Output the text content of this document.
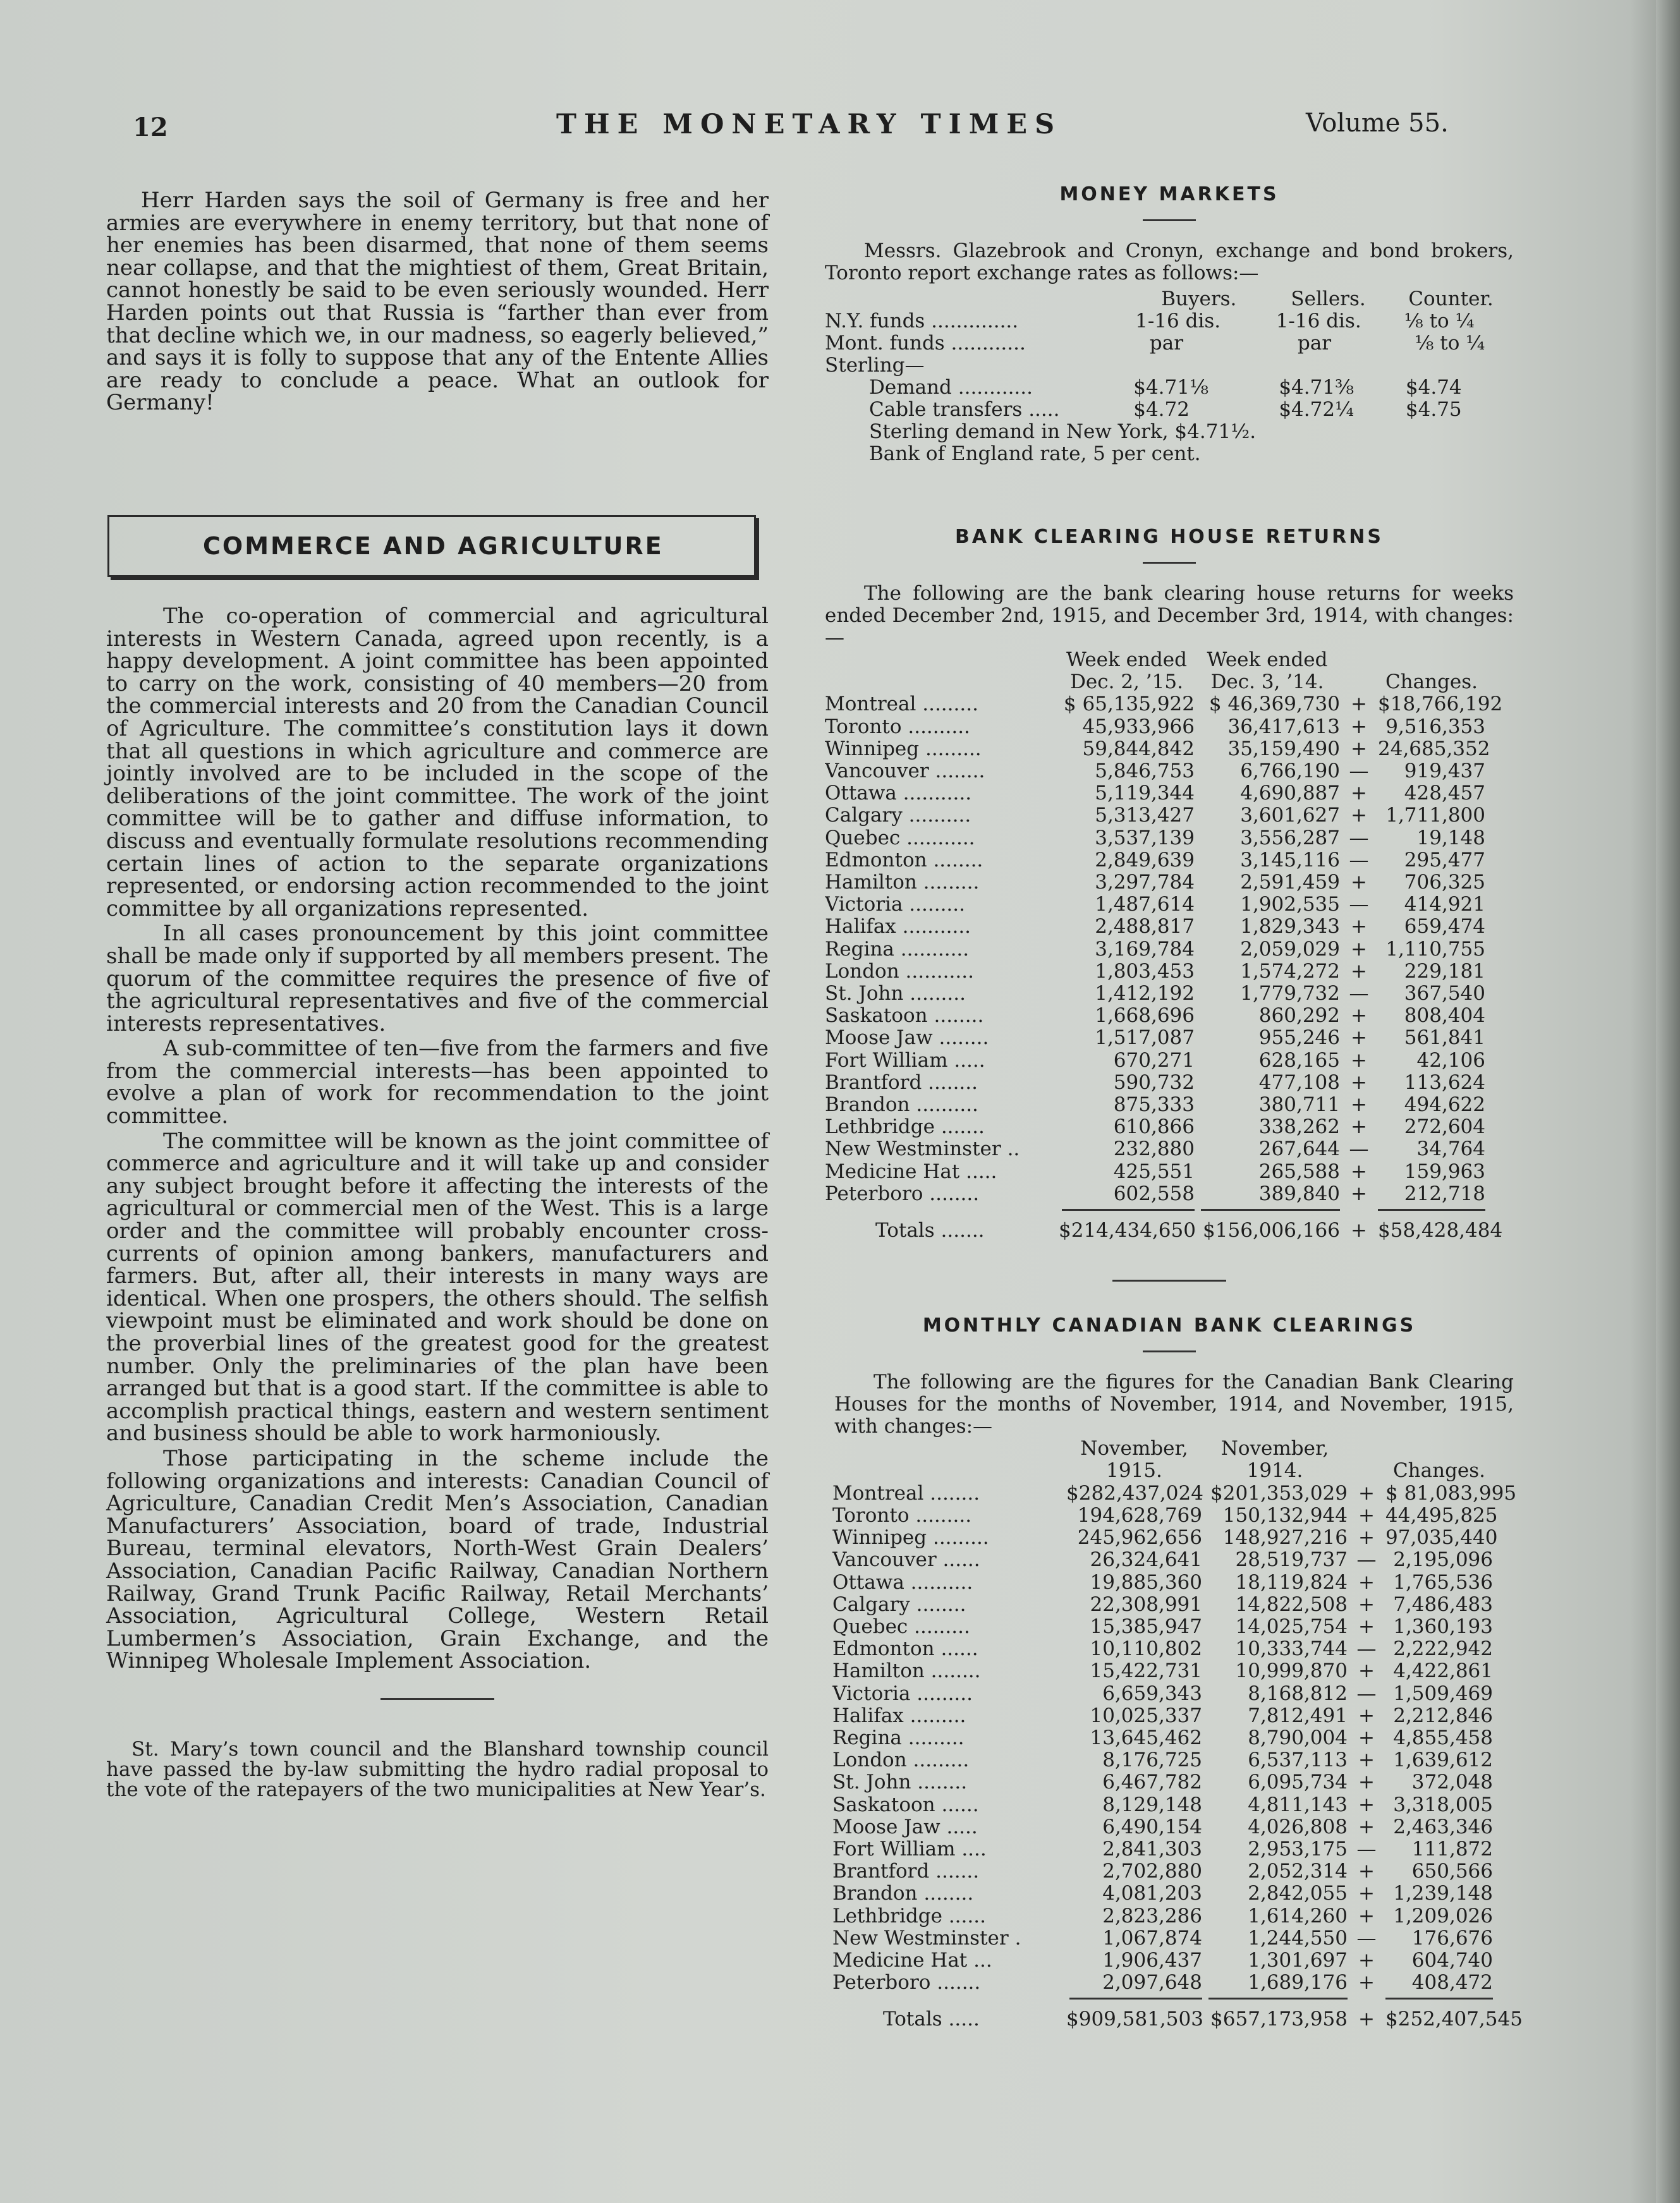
12	THE MONETARY TIMES	Volume 55.

Herr Harden says the soil of Germany is free and her armies are everywhere in enemy territory, but that none of her enemies has been disarmed, that none of them seems near collapse, and that the mightiest of them, Great Britain, cannot honestly be said to be even seriously wounded. Herr Harden points out that Russia is “farther than ever from that decline which we, in our madness, so eagerly believed,” and says it is folly to suppose that any of the Entente Allies are ready to conclude a peace. What an outlook for Germany!

COMMERCE AND AGRICULTURE

The co-operation of commercial and agricultural interests in Western Canada, agreed upon recently, is a happy development. A joint committee has been appointed to carry on the work, consisting of 40 members—20 from the commercial interests and 20 from the Canadian Council of Agriculture. The committee’s constitution lays it down that all questions in which agriculture and commerce are jointly involved are to be included in the scope of the deliberations of the joint committee. The work of the joint committee will be to gather and diffuse information, to discuss and eventually formulate resolutions recommending certain lines of action to the separate organizations represented, or endorsing action recommended to the joint committee by all organizations represented.

In all cases pronouncement by this joint committee shall be made only if supported by all members present. The quorum of the committee requires the presence of five of the agricultural representatives and five of the commercial interests representatives.

A sub-committee of ten—five from the farmers and five from the commercial interests—has been appointed to evolve a plan of work for recommendation to the joint committee.

The committee will be known as the joint committee of commerce and agriculture and it will take up and consider any subject brought before it affecting the interests of the agricultural or commercial men of the West. This is a large order and the committee will probably encounter cross-currents of opinion among bankers, manufacturers and farmers. But, after all, their interests in many ways are identical. When one prospers, the others should. The selfish viewpoint must be eliminated and work should be done on the proverbial lines of the greatest good for the greatest number. Only the preliminaries of the plan have been arranged but that is a good start. If the committee is able to accomplish practical things, eastern and western sentiment and business should be able to work harmoniously.

Those participating in the scheme include the following organizations and interests: Canadian Council of Agriculture, Canadian Credit Men’s Association, Canadian Manufacturers’ Association, board of trade, Industrial Bureau, terminal elevators, North-West Grain Dealers’ Association, Canadian Pacific Railway, Canadian Northern Railway, Grand Trunk Pacific Railway, Retail Merchants’ Association, Agricultural College, Western Retail Lumbermen’s Association, Grain Exchange, and the Winnipeg Wholesale Implement Association.

St. Mary’s town council and the Blanshard township council have passed the by-law submitting the hydro radial proposal to the vote of the ratepayers of the two municipalities at New Year’s.

MONEY MARKETS

Messrs. Glazebrook and Cronyn, exchange and bond brokers, Toronto report exchange rates as follows:—

Buyers.	Sellers.	Counter.
N.Y. funds ..............	1-16 dis.	1-16 dis.	⅛ to ¼
Mont. funds ............	par	par	⅛ to ¼
Sterling—
Demand ............	$4.71⅛	$4.71⅜	$4.74
Cable transfers .....	$4.72	$4.72¼	$4.75
Sterling demand in New York, $4.71½.
Bank of England rate, 5 per cent.

BANK CLEARING HOUSE RETURNS

The following are the bank clearing house returns for weeks ended December 2nd, 1915, and December 3rd, 1914, with changes:—

Week ended	Week ended
Dec. 2, ’15.	Dec. 3, ’14.	Changes.
Montreal .........	$ 65,135,922 $ 46,369,730 + $18,766,192
Toronto ..........	45,933,966	36,417,613 + 9,516,353
Winnipeg .........	59,844,842	35,159,490 + 24,685,352
Vancouver ........	5,846,753	6,766,190 —	919,437
Ottawa ...........	5,119,344	4,690,887 +	428,457
Calgary ..........	5,313,427	3,601,627 + 1,711,800
Quebec ...........	3,537,139	3,556,287 —	19,148
Edmonton ........	2,849,639	3,145,116 —	295,477
Hamilton .........	3,297,784	2,591,459 +	706,325
Victoria .........	1,487,614	1,902,535 —	414,921
Halifax ...........	2,488,817	1,829,343 +	659,474
Regina ...........	3,169,784	2,059,029 + 1,110,755
London ...........	1,803,453	1,574,272 +	229,181
St. John .........	1,412,192	1,779,732 —	367,540
Saskatoon ........	1,668,696	860,292 +	808,404
Moose Jaw ........	1,517,087	955,246 +	561,841
Fort William .....	670,271	628,165 +	42,106
Brantford ........	590,732	477,108 +	113,624
Brandon ..........	875,333	380,711 +	494,622
Lethbridge .......	610,866	338,262 +	272,604
New Westminster ..	232,880	267,644 —	34,764
Medicine Hat .....	425,551	265,588 +	159,963
Peterboro ........	602,558	389,840 +	212,718
Totals .......	$214,434,650 $156,006,166 + $58,428,484

MONTHLY CANADIAN BANK CLEARINGS

The following are the figures for the Canadian Bank Clearing Houses for the months of November, 1914, and November, 1915, with changes:—

November,	November,
1915.	1914.	Changes.
Montreal ........	$282,437,024 $201,353,029 + $ 81,083,995
Toronto .........	194,628,769	150,132,944 + 44,495,825
Winnipeg .........	245,962,656	148,927,216 + 97,035,440
Vancouver ......	26,324,641	28,519,737 — 2,195,096
Ottawa ..........	19,885,360	18,119,824 + 1,765,536
Calgary ........	22,308,991	14,822,508 + 7,486,483
Quebec .........	15,385,947	14,025,754 + 1,360,193
Edmonton ......	10,110,802	10,333,744 — 2,222,942
Hamilton ........	15,422,731	10,999,870 + 4,422,861
Victoria .........	6,659,343	8,168,812 — 1,509,469
Halifax .........	10,025,337	7,812,491 + 2,212,846
Regina .........	13,645,462	8,790,004 + 4,855,458
London .........	8,176,725	6,537,113 + 1,639,612
St. John ........	6,467,782	6,095,734 +	372,048
Saskatoon ......	8,129,148	4,811,143 + 3,318,005
Moose Jaw .....	6,490,154	4,026,808 + 2,463,346
Fort William ....	2,841,303	2,953,175 —	111,872
Brantford .......	2,702,880	2,052,314 +	650,566
Brandon ........	4,081,203	2,842,055 + 1,239,148
Lethbridge ......	2,823,286	1,614,260 + 1,209,026
New Westminster .	1,067,874	1,244,550 —	176,676
Medicine Hat ...	1,906,437	1,301,697 +	604,740
Peterboro .......	2,097,648	1,689,176 +	408,472
Totals .....	$909,581,503 $657,173,958 + $252,407,545
